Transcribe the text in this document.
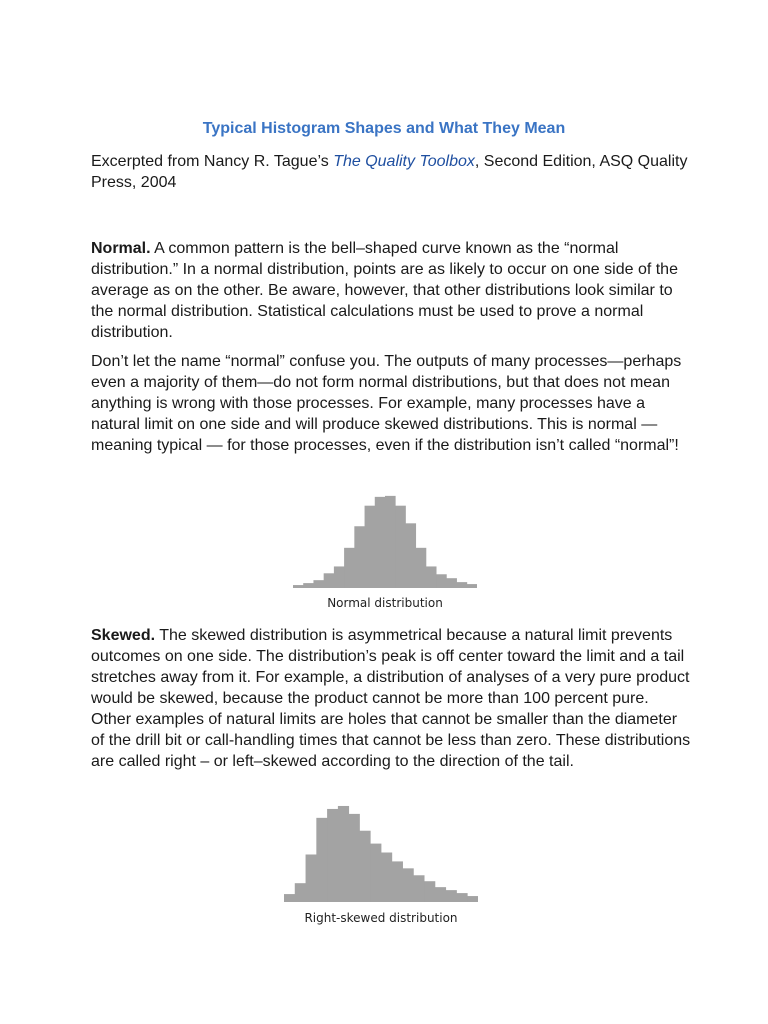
Typical Histogram Shapes and What They Mean

Excerpted from Nancy R. Tague’s The Quality Toolbox, Second Edition, ASQ Quality Press, 2004

Normal. A common pattern is the bell–shaped curve known as the “normal distribution.” In a normal distribution, points are as likely to occur on one side of the average as on the other. Be aware, however, that other distributions look similar to the normal distribution. Statistical calculations must be used to prove a normal distribution.

Don’t let the name “normal” confuse you. The outputs of many processes—perhaps even a majority of them—do not form normal distributions, but that does not mean anything is wrong with those processes. For example, many processes have a natural limit on one side and will produce skewed distributions. This is normal — meaning typical — for those processes, even if the distribution isn’t called “normal”!

Normal distribution

Skewed. The skewed distribution is asymmetrical because a natural limit prevents outcomes on one side. The distribution’s peak is off center toward the limit and a tail stretches away from it. For example, a distribution of analyses of a very pure product would be skewed, because the product cannot be more than 100 percent pure. Other examples of natural limits are holes that cannot be smaller than the diameter of the drill bit or call-handling times that cannot be less than zero. These distributions are called right – or left–skewed according to the direction of the tail.

Right-skewed distribution
